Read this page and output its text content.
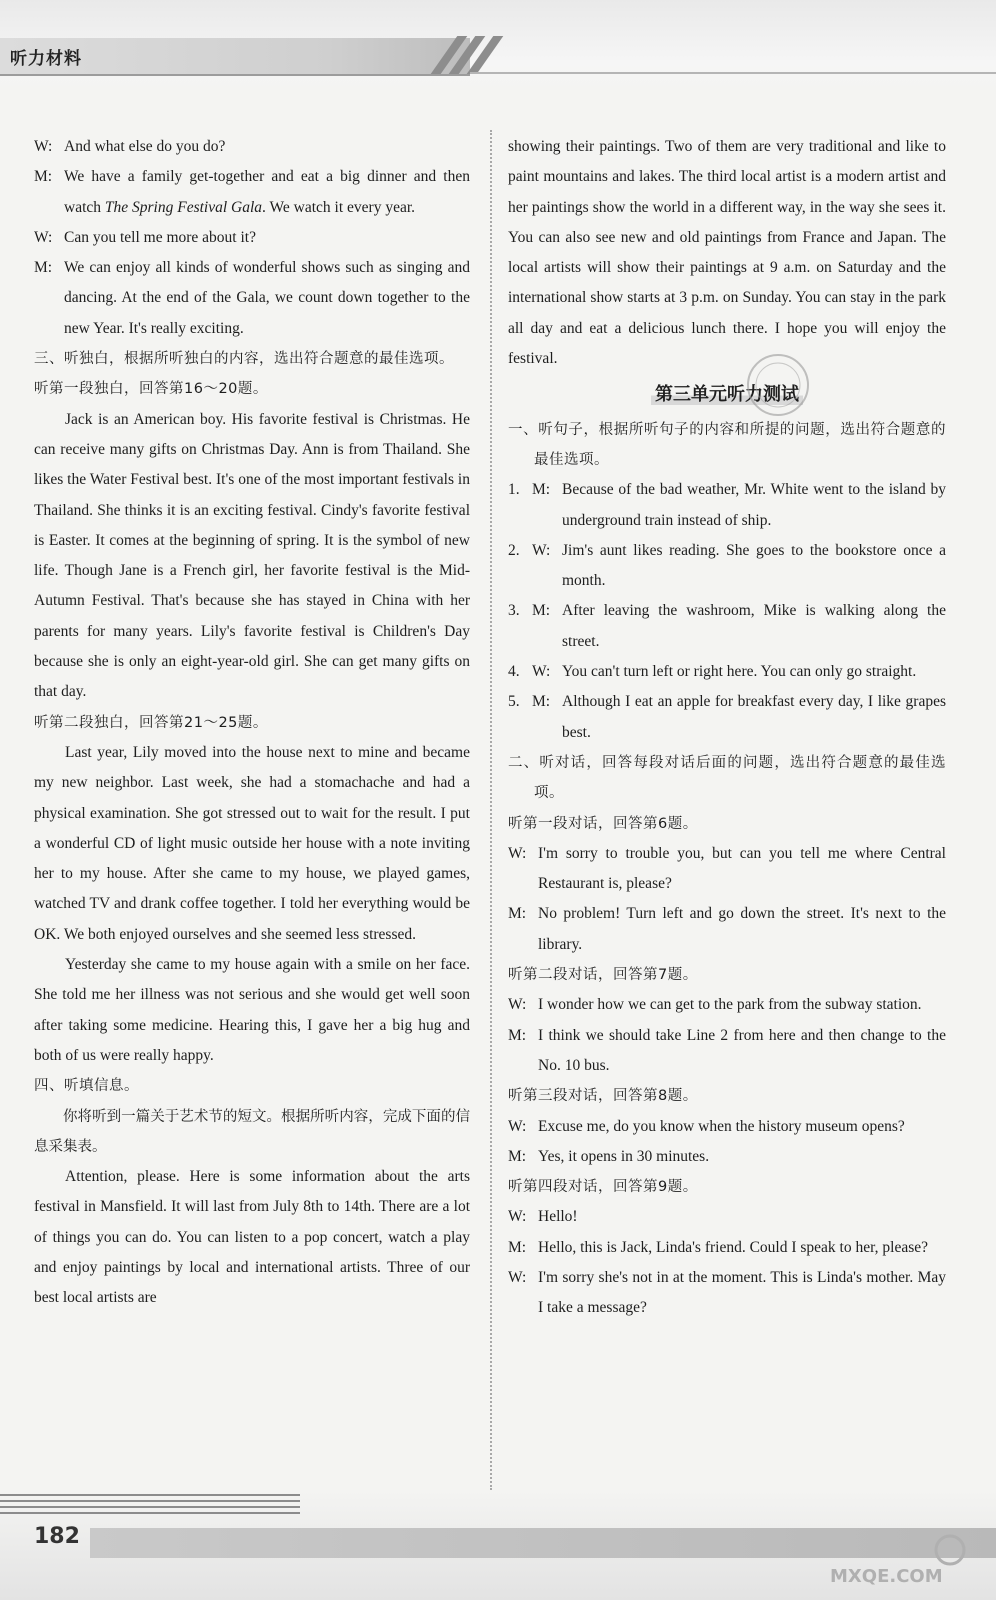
听力材料
W: And what else do you do?
M: We have a family get-together and eat a big dinner and then watch The Spring Festival Gala. We watch it every year.
W: Can you tell me more about it?
M: We can enjoy all kinds of wonderful shows such as singing and dancing. At the end of the Gala, we count down together to the new Year. It's really exciting.
三、听独白，根据所听独白的内容，选出符合题意的最佳选项。
听第一段独白，回答第16～20题。
Jack is an American boy. His favorite festival is Christmas. He can receive many gifts on Christmas Day. Ann is from Thailand. She likes the Water Festival best. It's one of the most important festivals in Thailand. She thinks it is an exciting festival. Cindy's favorite festival is Easter. It comes at the beginning of spring. It is the symbol of new life. Though Jane is a French girl, her favorite festival is the Mid-Autumn Festival. That's because she has stayed in China with her parents for many years. Lily's favorite festival is Children's Day because she is only an eight-year-old girl. She can get many gifts on that day.
听第二段独白，回答第21～25题。
Last year, Lily moved into the house next to mine and became my new neighbor. Last week, she had a stomachache and had a physical examination. She got stressed out to wait for the result. I put a wonderful CD of light music outside her house with a note inviting her to my house. After she came to my house, we played games, watched TV and drank coffee together. I told her everything would be OK. We both enjoyed ourselves and she seemed less stressed.
Yesterday she came to my house again with a smile on her face. She told me her illness was not serious and she would get well soon after taking some medicine. Hearing this, I gave her a big hug and both of us were really happy.
四、听填信息。
你将听到一篇关于艺术节的短文。根据所听内容，完成下面的信息采集表。
Attention, please. Here is some information about the arts festival in Mansfield. It will last from July 8th to 14th. There are a lot of things you can do. You can listen to a pop concert, watch a play and enjoy paintings by local and international artists. Three of our best local artists are
showing their paintings. Two of them are very traditional and like to paint mountains and lakes. The third local artist is a modern artist and her paintings show the world in a different way, in the way she sees it. You can also see new and old paintings from France and Japan. The local artists will show their paintings at 9 a.m. on Saturday and the international show starts at 3 p.m. on Sunday. You can stay in the park all day and eat a delicious lunch there. I hope you will enjoy the festival.
第三单元听力测试
一、听句子，根据所听句子的内容和所提的问题，选出符合题意的最佳选项。
1. M: Because of the bad weather, Mr. White went to the island by underground train instead of ship.
2. W: Jim's aunt likes reading. She goes to the bookstore once a month.
3. M: After leaving the washroom, Mike is walking along the street.
4. W: You can't turn left or right here. You can only go straight.
5. M: Although I eat an apple for breakfast every day, I like grapes best.
二、听对话，回答每段对话后面的问题，选出符合题意的最佳选项。
听第一段对话，回答第6题。
W: I'm sorry to trouble you, but can you tell me where Central Restaurant is, please?
M: No problem! Turn left and go down the street. It's next to the library.
听第二段对话，回答第7题。
W: I wonder how we can get to the park from the subway station.
M: I think we should take Line 2 from here and then change to the No. 10 bus.
听第三段对话，回答第8题。
W: Excuse me, do you know when the history museum opens?
M: Yes, it opens in 30 minutes.
听第四段对话，回答第9题。
W: Hello!
M: Hello, this is Jack, Linda's friend. Could I speak to her, please?
W: I'm sorry she's not in at the moment. This is Linda's mother. May I take a message?
182
MXQE.COM
